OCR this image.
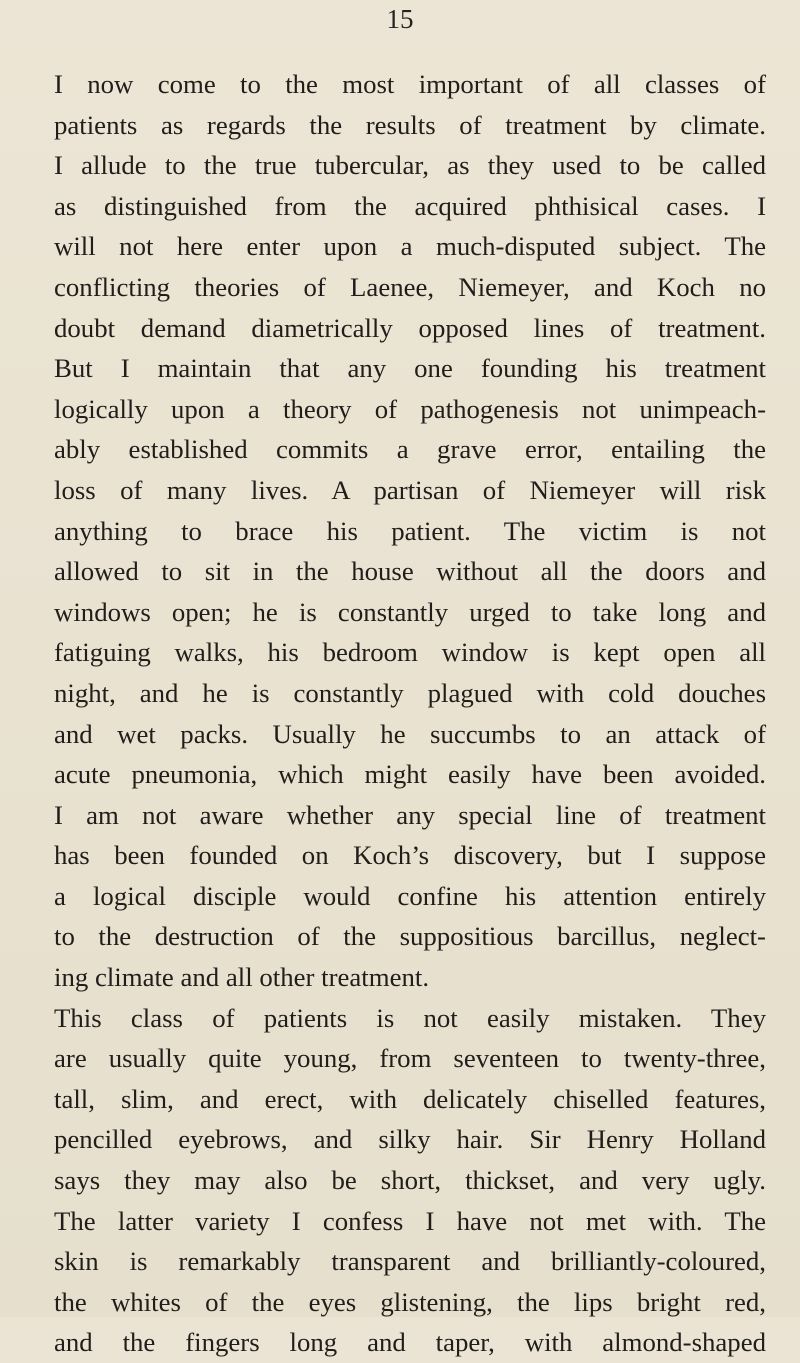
15
I now come to the most important of all classes of
patients as regards the results of treatment by climate.
I allude to the true tubercular, as they used to be called
as distinguished from the acquired phthisical cases. I
will not here enter upon a much-disputed subject. The
conflicting theories of Laenee, Niemeyer, and Koch no
doubt demand diametrically opposed lines of treatment.
But I maintain that any one founding his treatment
logically upon a theory of pathogenesis not unimpeach-
ably established commits a grave error, entailing the
loss of many lives. A partisan of Niemeyer will risk
anything to brace his patient. The victim is not
allowed to sit in the house without all the doors and
windows open; he is constantly urged to take long and
fatiguing walks, his bedroom window is kept open all
night, and he is constantly plagued with cold douches
and wet packs. Usually he succumbs to an attack of
acute pneumonia, which might easily have been avoided.
I am not aware whether any special line of treatment
has been founded on Koch’s discovery, but I suppose
a logical disciple would confine his attention entirely
to the destruction of the suppositious barcillus, neglect-
ing climate and all other treatment.
This class of patients is not easily mistaken. They
are usually quite young, from seventeen to twenty-three,
tall, slim, and erect, with delicately chiselled features,
pencilled eyebrows, and silky hair. Sir Henry Holland
says they may also be short, thickset, and very ugly.
The latter variety I confess I have not met with. The
skin is remarkably transparent and brilliantly-coloured,
the whites of the eyes glistening, the lips bright red,
and the fingers long and taper, with almond-shaped
